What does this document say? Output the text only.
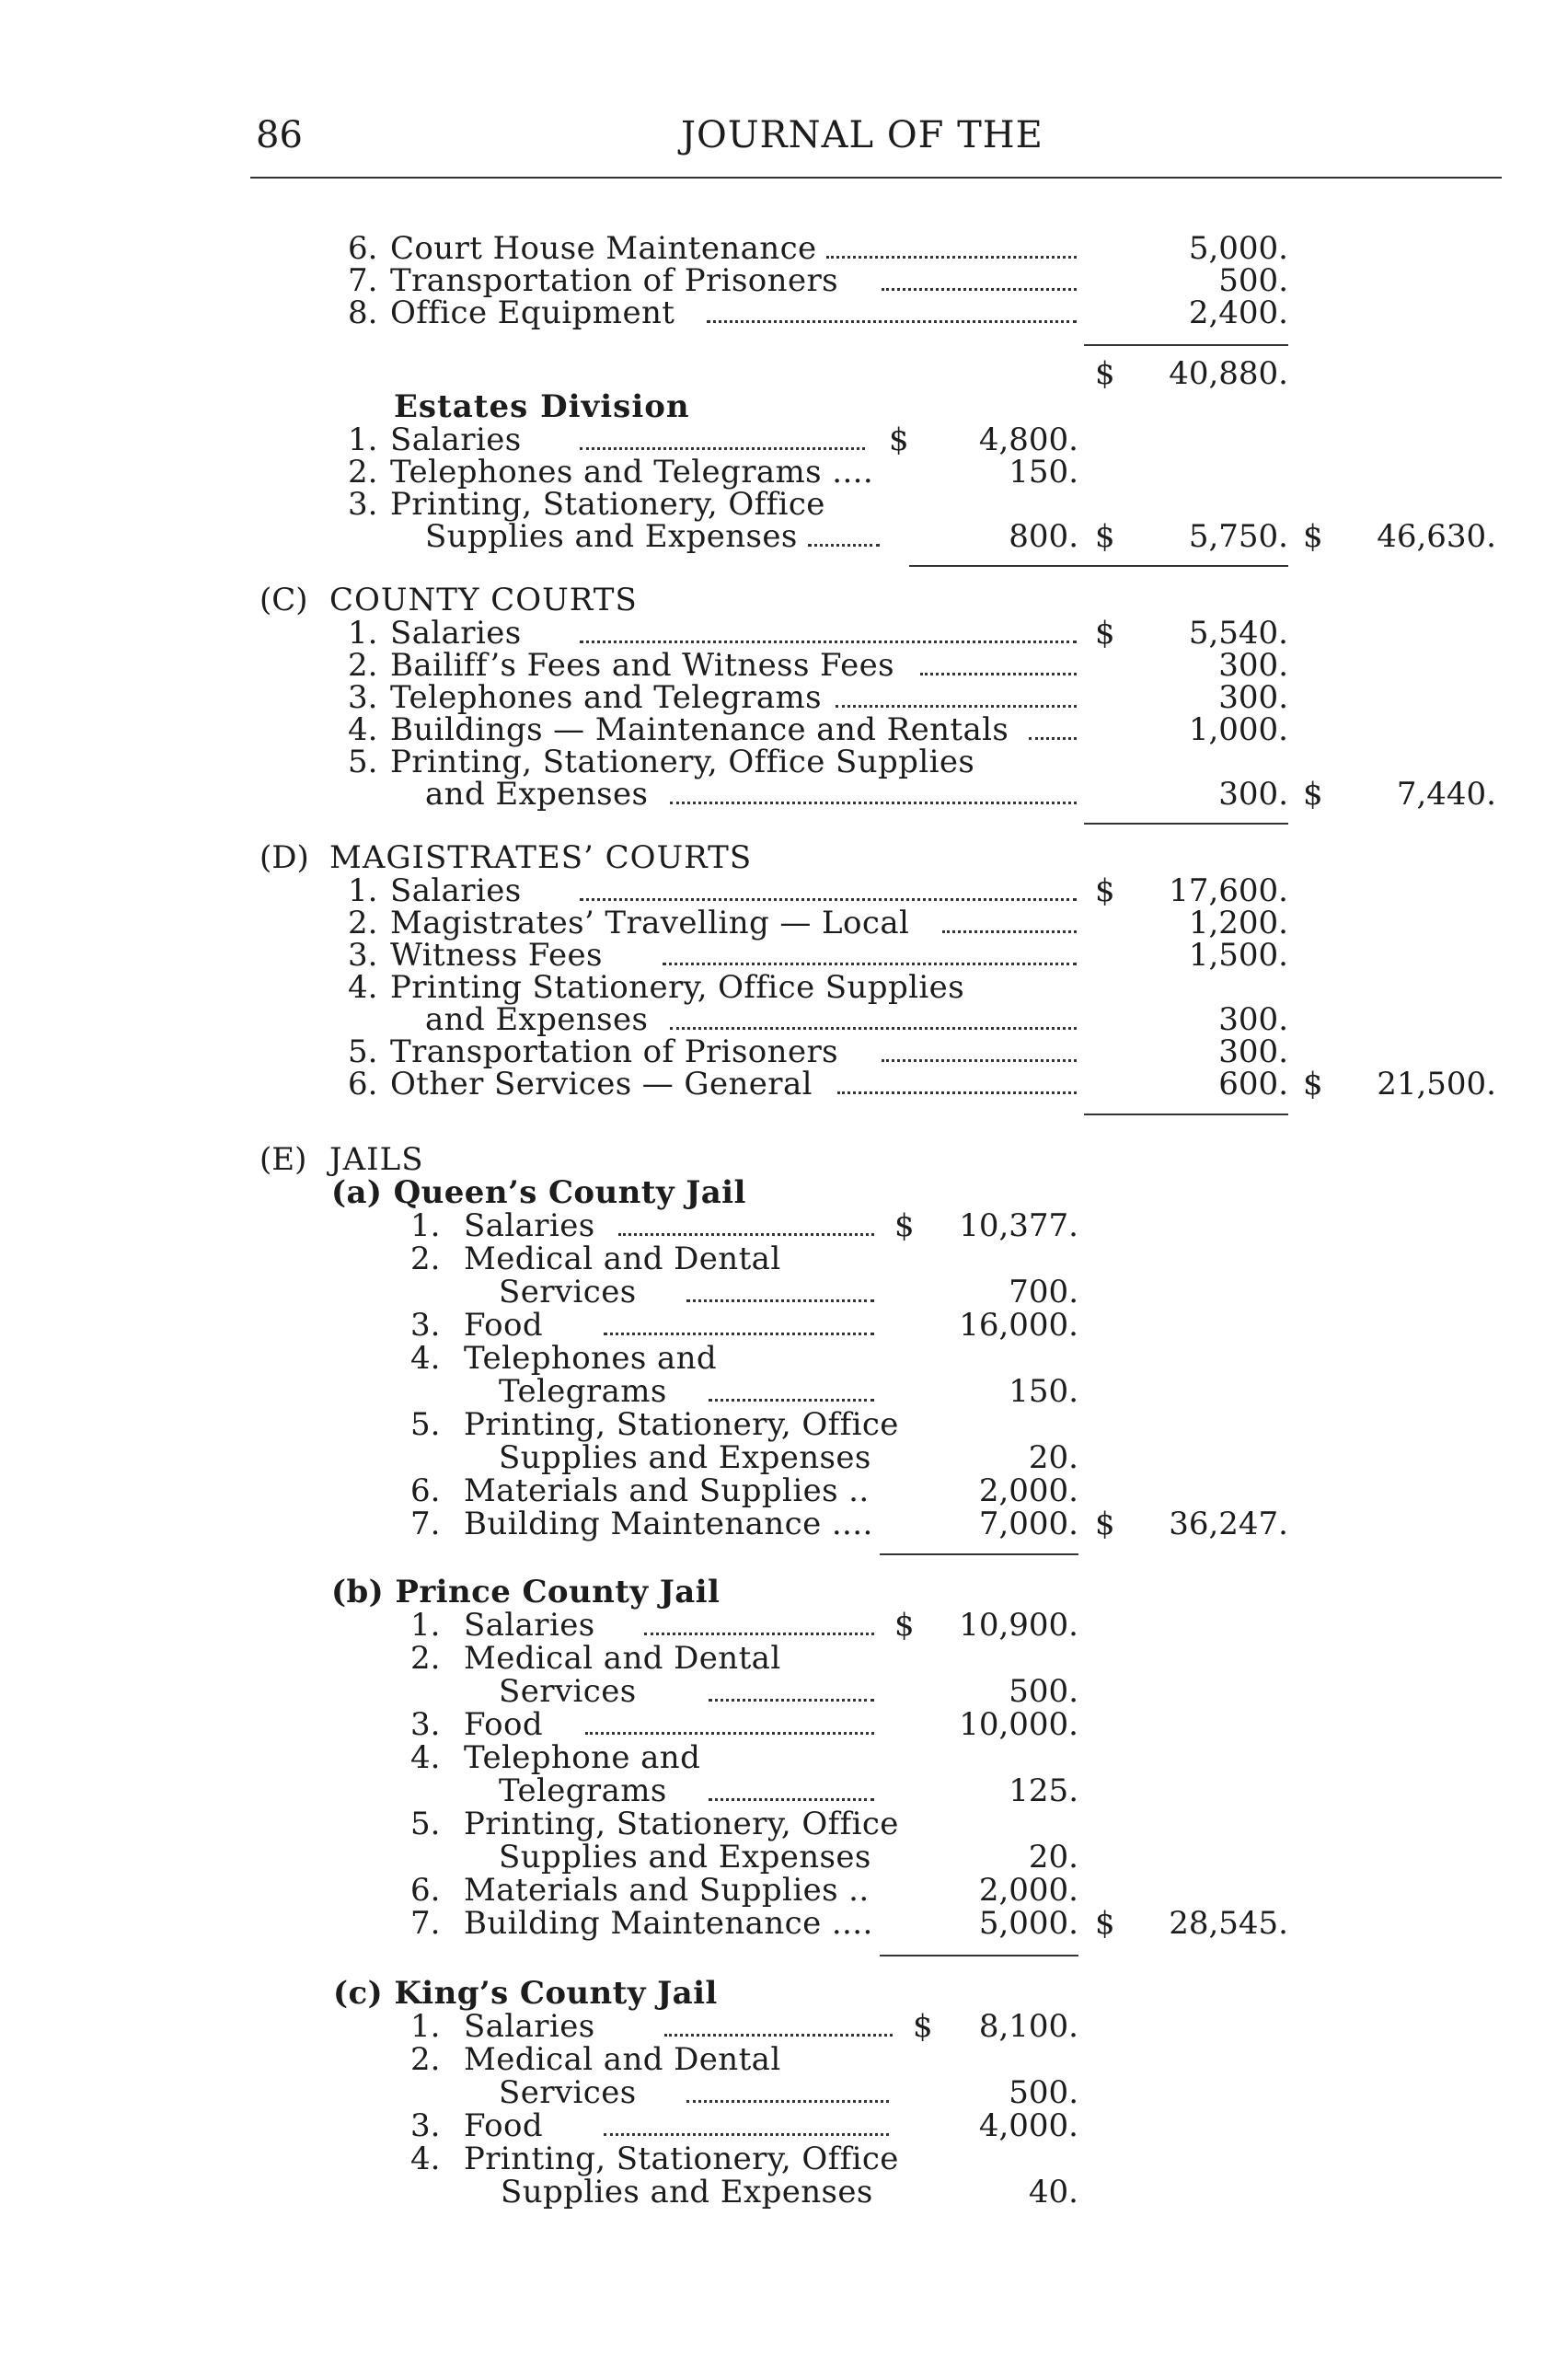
86	JOURNAL OF THE
6. Court House Maintenance	5,000.
7. Transportation of Prisoners	500.
8. Office Equipment	2,400.
$	40,880.
Estates Division
1. Salaries	$	4,800.
2. Telephones and Telegrams ....	150.
3. Printing, Stationery, Office
Supplies and Expenses	800. $	5,750. $	46,630.
(C) COUNTY COURTS
1. Salaries	$	5,540.
2. Bailiff’s Fees and Witness Fees	300.
3. Telephones and Telegrams	300.
4. Buildings — Maintenance and Rentals	1,000.
5. Printing, Stationery, Office Supplies
and Expenses	300. $	7,440.
(D) MAGISTRATES’ COURTS
1. Salaries	$	17,600.
2. Magistrates’ Travelling — Local	1,200.
3. Witness Fees	1,500.
4. Printing Stationery, Office Supplies
and Expenses	300.
5. Transportation of Prisoners	300.
6. Other Services — General	600. $	21,500.
(E) JAILS
(a) Queen’s County Jail
1. Salaries	$	10,377.
2. Medical and Dental
Services	700.
3. Food	16,000.
4. Telephones and
Telegrams	150.
5. Printing, Stationery, Office
Supplies and Expenses	20.
6. Materials and Supplies ..	2,000.
7. Building Maintenance ....	7,000. $	36,247.
(b) Prince County Jail
1. Salaries	$	10,900.
2. Medical and Dental
Services	500.
3. Food	10,000.
4. Telephone and
Telegrams	125.
5. Printing, Stationery, Office
Supplies and Expenses	20.
6. Materials and Supplies ..	2,000.
7. Building Maintenance ....	5,000. $	28,545.
(c) King’s County Jail
1. Salaries	$	8,100.
2. Medical and Dental
Services	500.
3. Food	4,000.
4. Printing, Stationery, Office
Supplies and Expenses	40.
